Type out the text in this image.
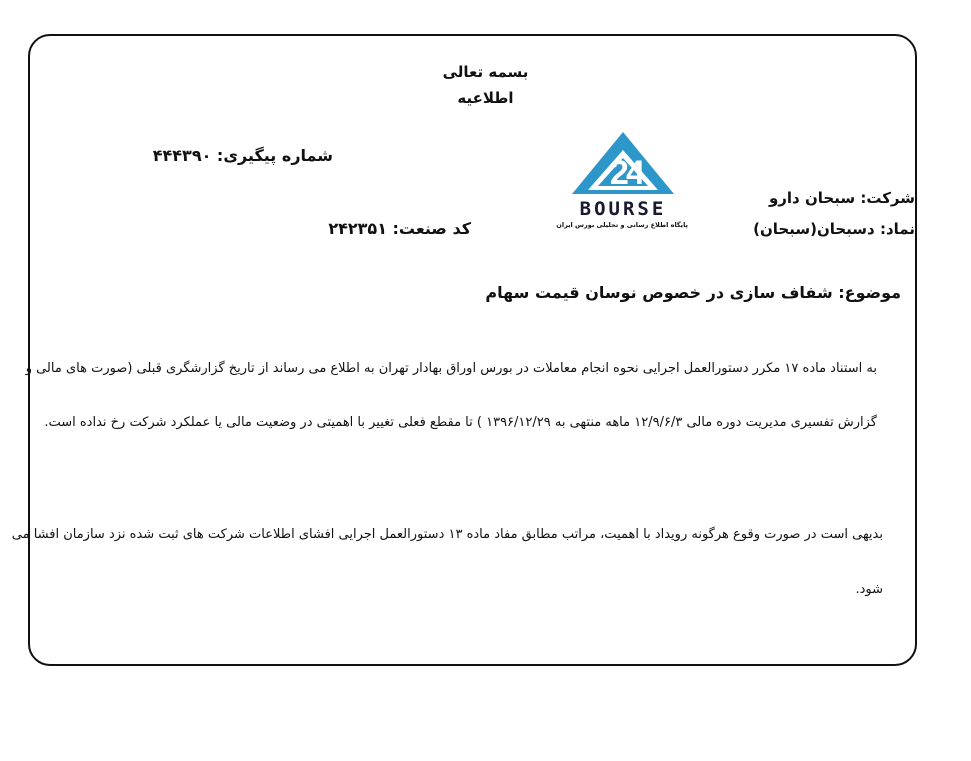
بسمه تعالی
اطلاعیه
شماره پیگیری: ۴۴۴۳۹۰
کد صنعت: ۲۴۲۳۵۱
شرکت: سبحان دارو
نماد: دسبحان(سبحان)
2
4
BOURSE
پایگاه اطلاع رسانی و تحلیلی بورس ایران
موضوع: شفاف سازی در خصوص نوسان قیمت سهام
به استناد ماده ۱۷ مکرر دستورالعمل اجرایی نحوه انجام معاملات در بورس اوراق بهادار تهران به اطلاع می رساند از تاریخ گزارشگری قبلی (صورت های مالی و
گزارش تفسیری مدیریت دوره مالی ۱۲/۹/۶/۳ ماهه منتهی به ۱۳۹۶/۱۲/۲۹ ) تا مقطع فعلی تغییر با اهمیتی در وضعیت مالی یا عملکرد شرکت رخ نداده است.
بدیهی است در صورت وقوع هرگونه رویداد با اهمیت، مراتب مطابق مفاد ماده ۱۳ دستورالعمل اجرایی افشای اطلاعات شرکت های ثبت شده نزد سازمان افشا می
شود.
